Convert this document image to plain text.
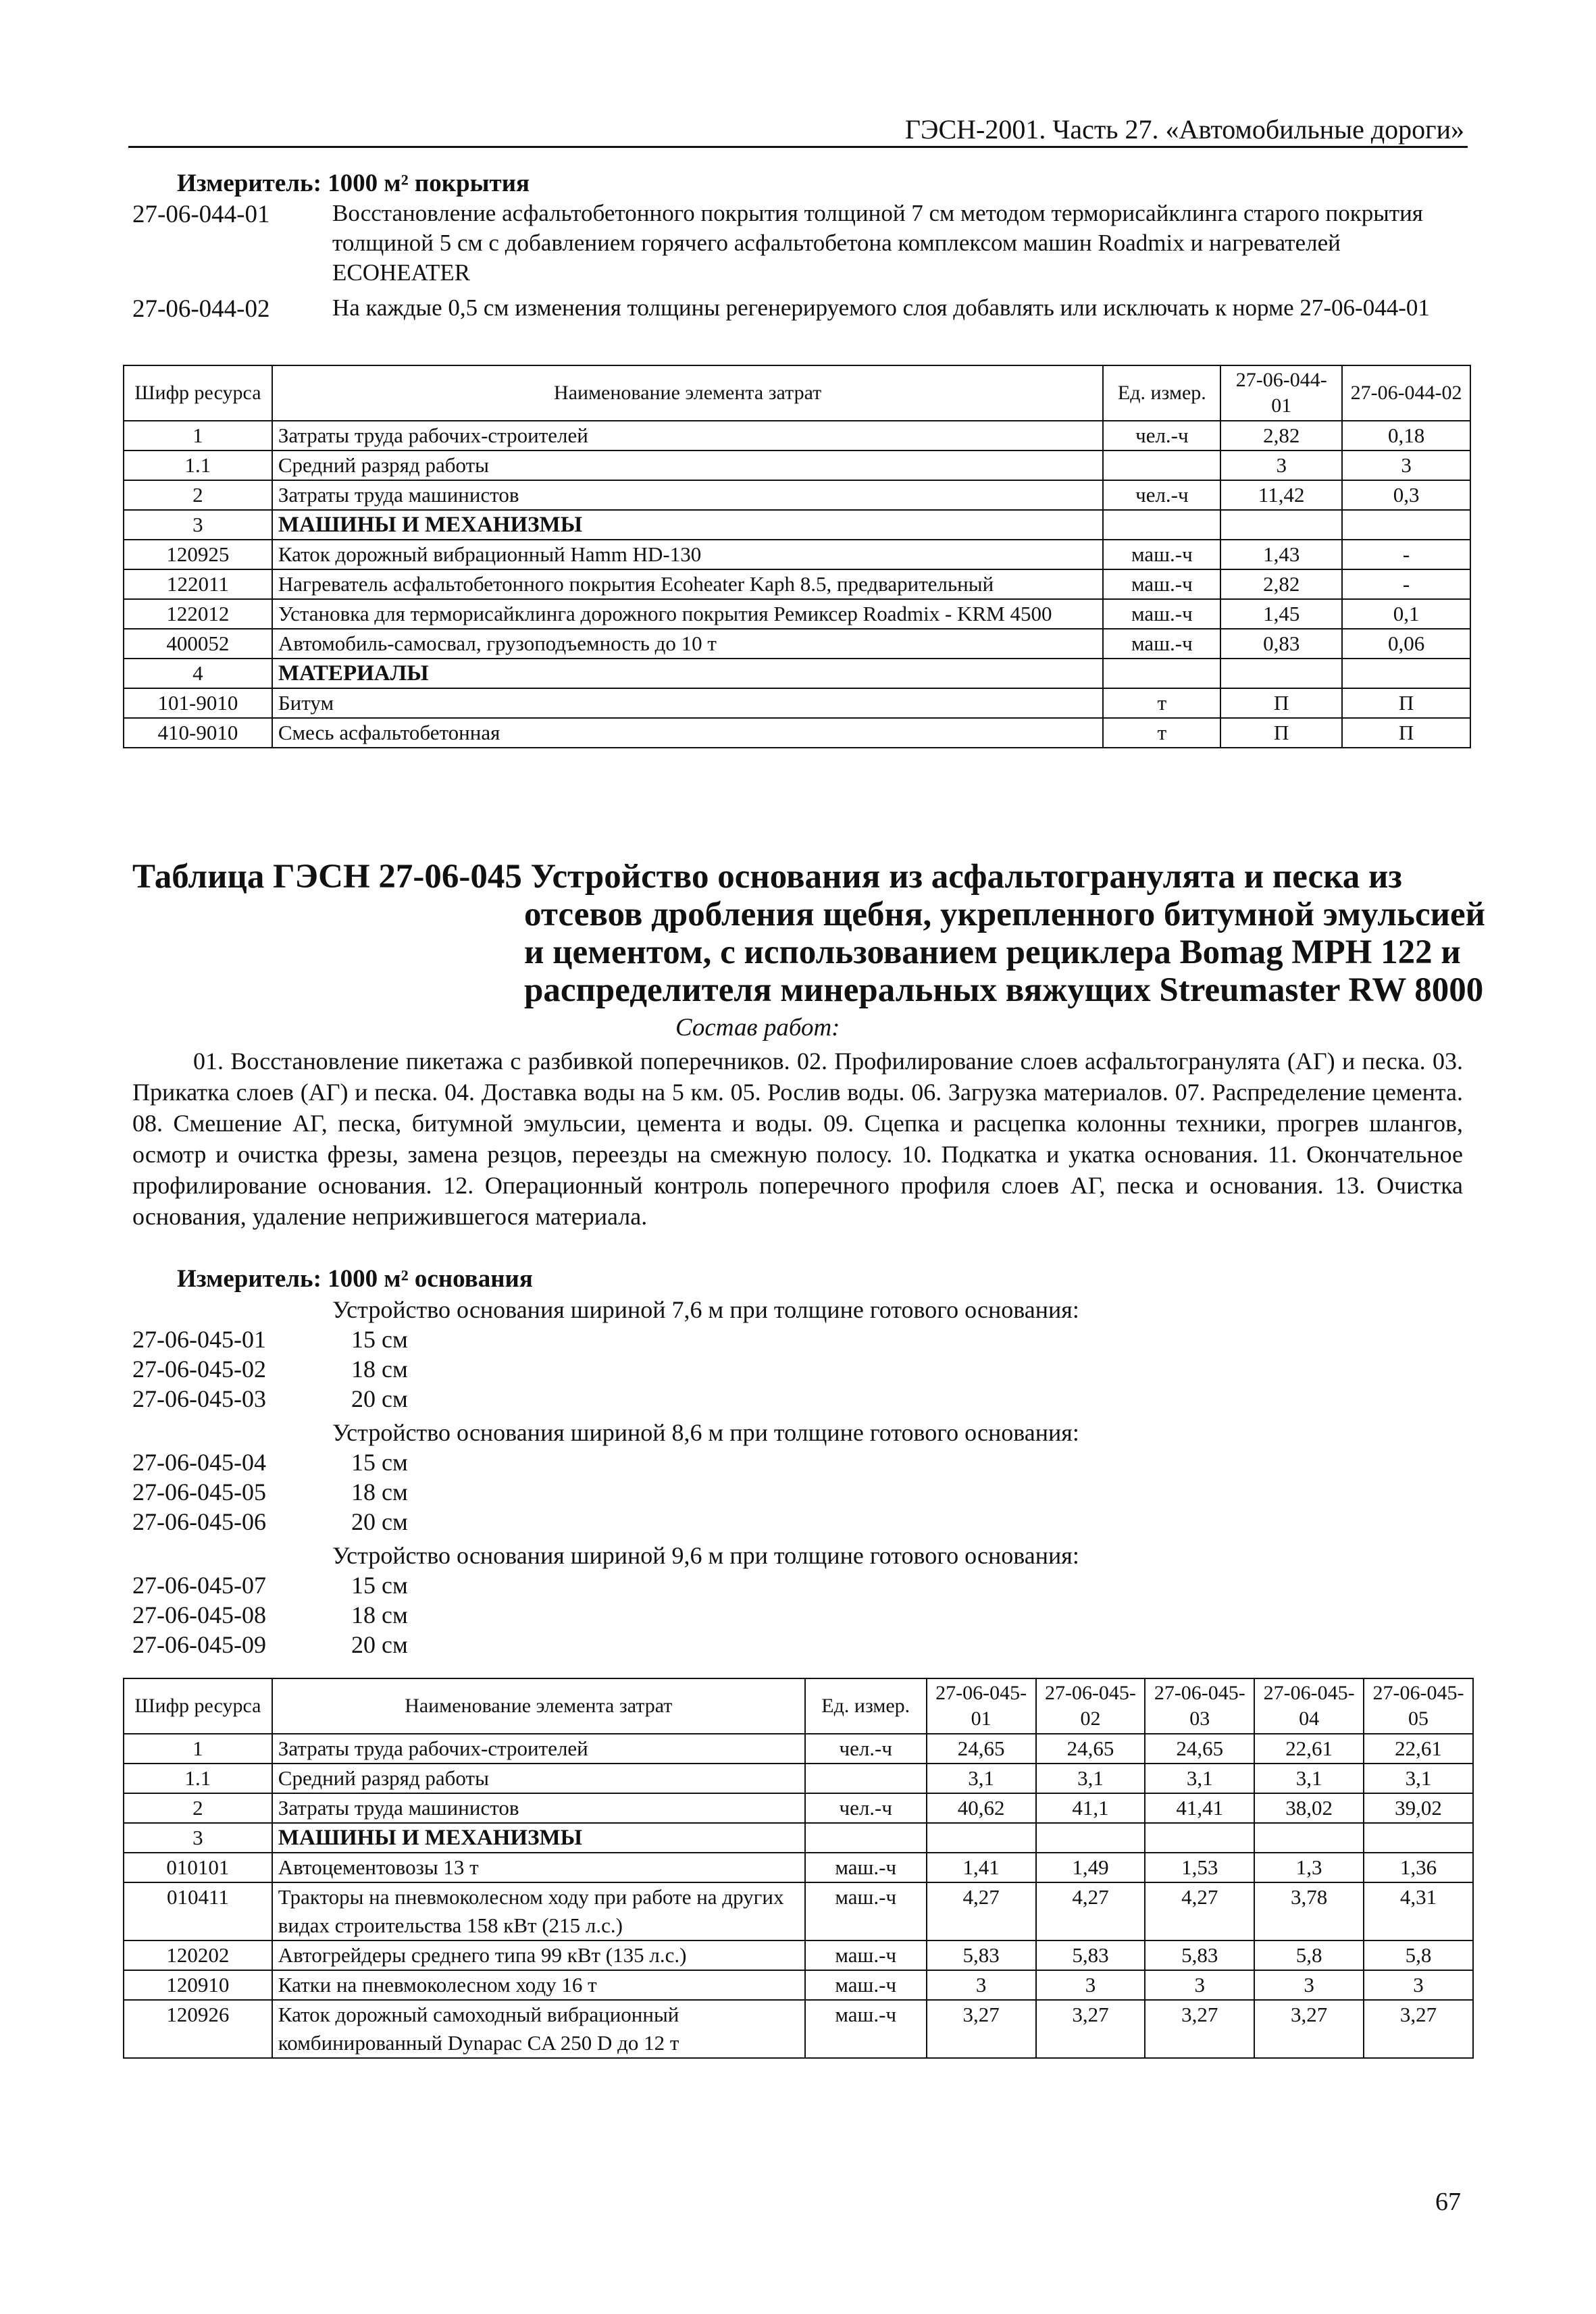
ГЭСН-2001. Часть 27. «Автомобильные дороги»
Измеритель: 1000 м² покрытия
27-06-044-01	Восстановление асфальтобетонного покрытия толщиной 7 см методом терморисайклинга старого покрытия толщиной 5 см с добавлением горячего асфальтобетона комплексом машин Roadmix и нагревателей ECOHEATER
27-06-044-02	На каждые 0,5 см изменения толщины регенерируемого слоя добавлять или исключать к норме 27-06-044-01
Шифр ресурса	Наименование элемента затрат	Ед. измер.	27-06-044-01	27-06-044-02
1	Затраты труда рабочих-строителей	чел.-ч	2,82	0,18
1.1	Средний разряд работы		3	3
2	Затраты труда машинистов	чел.-ч	11,42	0,3
3	МАШИНЫ И МЕХАНИЗМЫ			
120925	Каток дорожный вибрационный Hamm HD-130	маш.-ч	1,43	-
122011	Нагреватель асфальтобетонного покрытия Ecoheater Kaph 8.5, предварительный	маш.-ч	2,82	-
122012	Установка для терморисайклинга дорожного покрытия Ремиксер Roadmix - KRM 4500	маш.-ч	1,45	0,1
400052	Автомобиль-самосвал, грузоподъемность до 10 т	маш.-ч	0,83	0,06
4	МАТЕРИАЛЫ			
101-9010	Битум	т	П	П
410-9010	Смесь асфальтобетонная	т	П	П
Таблица ГЭСН 27-06-045 Устройство основания из асфальтогранулята и песка из
отсевов дробления щебня, укрепленного битумной эмульсией
и цементом, с использованием рециклера Bomag MPH 122 и
распределителя минеральных вяжущих Streumaster RW 8000
Состав работ:
01. Восстановление пикетажа с разбивкой поперечников. 02. Профилирование слоев асфальтогранулята (АГ) и песка. 03. Прикатка слоев (АГ) и песка. 04. Доставка воды на 5 км. 05. Рослив воды. 06. Загрузка материалов. 07. Распределение цемента. 08. Смешение АГ, песка, битумной эмульсии, цемента и воды. 09. Сцепка и расцепка колонны техники, прогрев шлангов, осмотр и очистка фрезы, замена резцов, переезды на смежную полосу. 10. Подкатка и укатка основания. 11. Окончательное профилирование основания. 12. Операционный контроль поперечного профиля слоев АГ, песка и основания. 13. Очистка основания, удаление неприжившегося материала.
Измеритель: 1000 м² основания
Устройство основания шириной 7,6 м при толщине готового основания:
27-06-045-01	15 см
27-06-045-02	18 см
27-06-045-03	20 см
Устройство основания шириной 8,6 м при толщине готового основания:
27-06-045-04	15 см
27-06-045-05	18 см
27-06-045-06	20 см
Устройство основания шириной 9,6 м при толщине готового основания:
27-06-045-07	15 см
27-06-045-08	18 см
27-06-045-09	20 см
Шифр ресурса	Наименование элемента затрат	Ед. измер.	27-06-045-01	27-06-045-02	27-06-045-03	27-06-045-04	27-06-045-05
1	Затраты труда рабочих-строителей	чел.-ч	24,65	24,65	24,65	22,61	22,61
1.1	Средний разряд работы		3,1	3,1	3,1	3,1	3,1
2	Затраты труда машинистов	чел.-ч	40,62	41,1	41,41	38,02	39,02
3	МАШИНЫ И МЕХАНИЗМЫ						
010101	Автоцементовозы 13 т	маш.-ч	1,41	1,49	1,53	1,3	1,36
010411	Тракторы на пневмоколесном ходу при работе на других видах строительства 158 кВт (215 л.с.)	маш.-ч	4,27	4,27	4,27	3,78	4,31
120202	Автогрейдеры среднего типа 99 кВт (135 л.с.)	маш.-ч	5,83	5,83	5,83	5,8	5,8
120910	Катки на пневмоколесном ходу 16 т	маш.-ч	3	3	3	3	3
120926	Каток дорожный самоходный вибрационный комбинированный Dynapac CA 250 D до 12 т	маш.-ч	3,27	3,27	3,27	3,27	3,27
67
